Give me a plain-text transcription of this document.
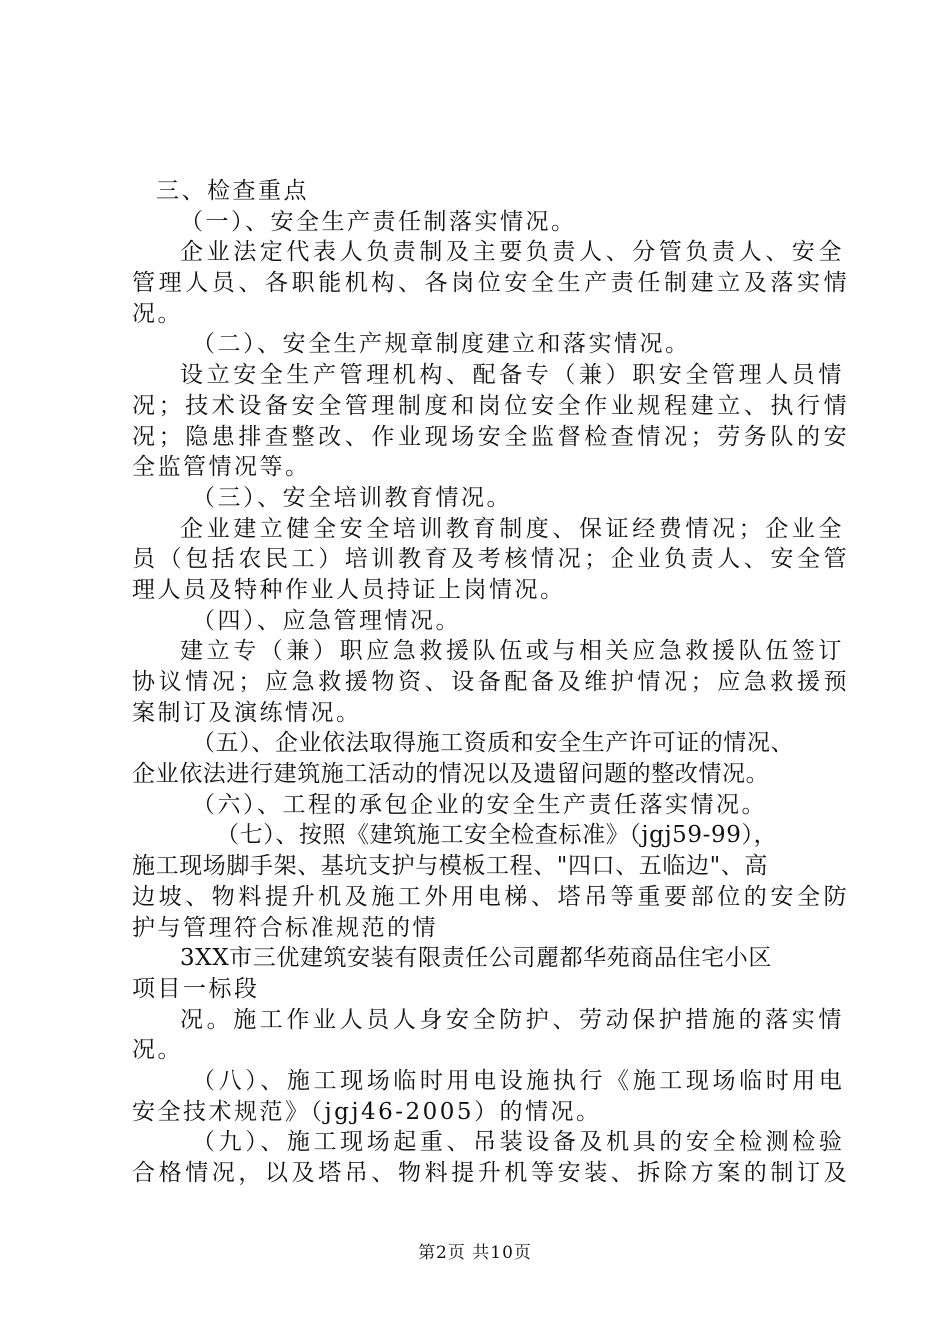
三、检查重点
（一）、安全生产责任制落实情况。
企业法定代表人负责制及主要负责人、分管负责人、安全
管理人员、各职能机构、各岗位安全生产责任制建立及落实情
况。
（二）、安全生产规章制度建立和落实情况。
设立安全生产管理机构、配备专（兼）职安全管理人员情
况；技术设备安全管理制度和岗位安全作业规程建立、执行情
况；隐患排查整改、作业现场安全监督检查情况；劳务队的安
全监管情况等。
（三）、安全培训教育情况。
企业建立健全安全培训教育制度、保证经费情况；企业全
员（包括农民工）培训教育及考核情况；企业负责人、安全管
理人员及特种作业人员持证上岗情况。
（四）、应急管理情况。
建立专（兼）职应急救援队伍或与相关应急救援队伍签订
协议情况；应急救援物资、设备配备及维护情况；应急救援预
案制订及演练情况。
（五）、企业依法取得施工资质和安全生产许可证的情况、
企业依法进行建筑施工活动的情况以及遗留问题的整改情况。
（六）、工程的承包企业的安全生产责任落实情况。
（七）、按照《建筑施工安全检查标准》（jgj59-99），
施工现场脚手架、基坑支护与模板工程、"四口、五临边"、高
边坡、物料提升机及施工外用电梯、塔吊等重要部位的安全防
护与管理符合标准规范的情
3XX市三优建筑安装有限责任公司麗都华苑商品住宅小区
项目一标段
况。施工作业人员人身安全防护、劳动保护措施的落实情
况。
（八）、施工现场临时用电设施执行《施工现场临时用电
安全技术规范》（jgj46-2005）的情况。
（九）、施工现场起重、吊装设备及机具的安全检测检验
合格情况，以及塔吊、物料提升机等安装、拆除方案的制订及
第2页 共10页
